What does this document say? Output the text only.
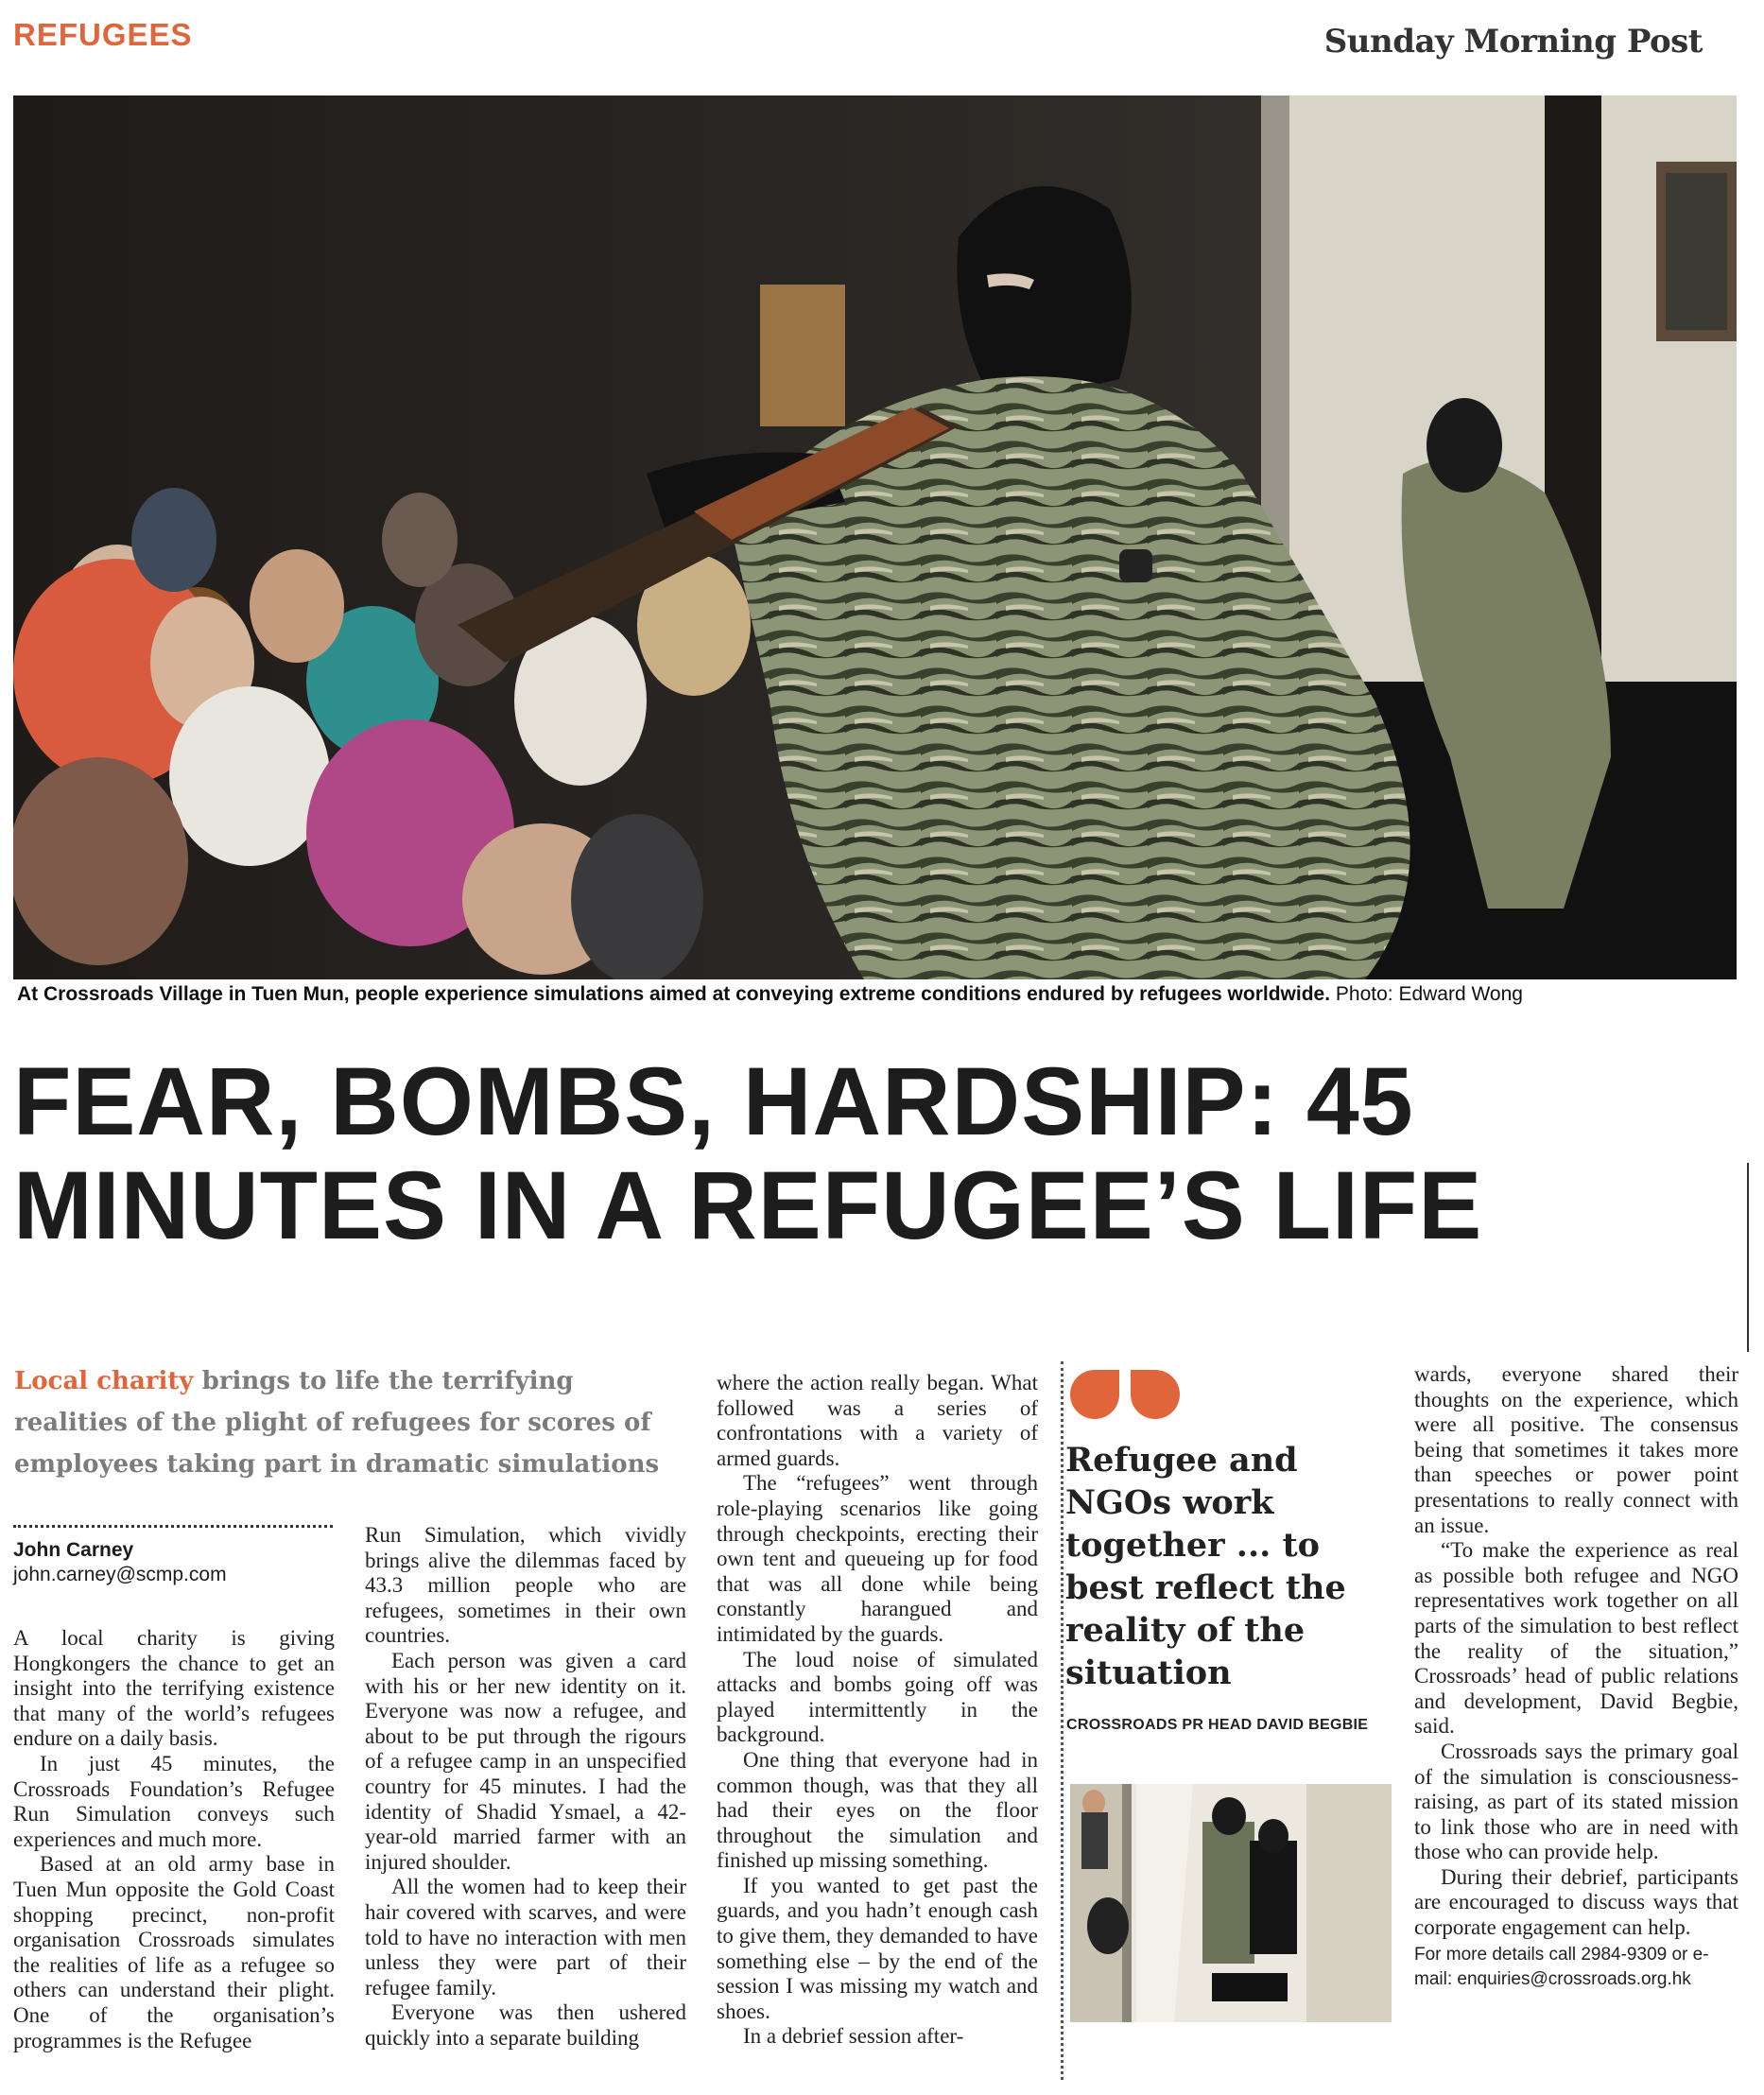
REFUGEES	Sunday Morning Post
At Crossroads Village in Tuen Mun, people experience simulations aimed at conveying extreme conditions endured by refugees worldwide. Photo: Edward Wong
FEAR, BOMBS, HARDSHIP: 45
MINUTES IN A REFUGEE’S LIFE
Local charity brings to life the terrifying realities of the plight of refugees for scores of employees taking part in dramatic simulations
John Carney
john.carney@scmp.com

A local charity is giving Hongkongers the chance to get an insight into the terrifying existence that many of the world’s refugees endure on a daily basis.

In just 45 minutes, the Crossroads Foundation’s Refugee Run Simulation conveys such experiences and much more.

Based at an old army base in Tuen Mun opposite the Gold Coast shopping precinct, non-profit organisation Crossroads simulates the realities of life as a refugee so others can understand their plight. One of the organisation’s programmes is the Refugee

Run Simulation, which vividly brings alive the dilemmas faced by 43.3 million people who are refugees, sometimes in their own countries.

Each person was given a card with his or her new identity on it. Everyone was now a refugee, and about to be put through the rigours of a refugee camp in an unspecified country for 45 minutes. I had the identity of Shadid Ysmael, a 42-year-old married farmer with an injured shoulder.

All the women had to keep their hair covered with scarves, and were told to have no interaction with men unless they were part of their refugee family.

Everyone was then ushered quickly into a separate building

where the action really began. What followed was a series of confrontations with a variety of armed guards.

The “refugees” went through role-playing scenarios like going through checkpoints, erecting their own tent and queueing up for food that was all done while being constantly harangued and intimidated by the guards.

The loud noise of simulated attacks and bombs going off was played intermittently in the background.

One thing that everyone had in common though, was that they all had their eyes on the floor throughout the simulation and finished up missing something.

If you wanted to get past the guards, and you hadn’t enough cash to give them, they demanded to have something else – by the end of the session I was missing my watch and shoes.

In a debrief session after-

Refugee and NGOs work together ... to best reflect the reality of the situation
CROSSROADS PR HEAD DAVID BEGBIE

wards, everyone shared their thoughts on the experience, which were all positive. The consensus being that sometimes it takes more than speeches or power point presentations to really connect with an issue.

“To make the experience as real as possible both refugee and NGO representatives work together on all parts of the simulation to best reflect the reality of the situation,” Crossroads’ head of public relations and development, David Begbie, said.

Crossroads says the primary goal of the simulation is consciousness-raising, as part of its stated mission to link those who are in need with those who can provide help.

During their debrief, participants are encouraged to discuss ways that corporate engagement can help.

For more details call 2984-9309 or e-mail: enquiries@crossroads.org.hk
